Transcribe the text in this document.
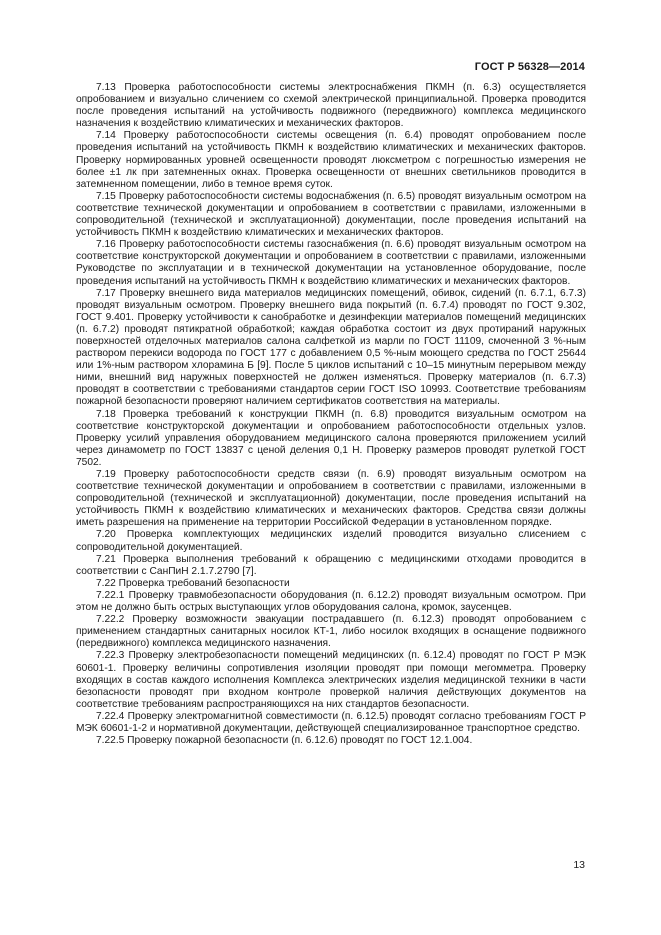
ГОСТ Р 56328—2014

7.13 Проверка работоспособности системы электроснабжения ПКМН (п. 6.3) осуществляется опробованием и визуально сличением со схемой электрической принципиальной. Проверка проводится после проведения испытаний на устойчивость подвижного (передвижного) комплекса медицинского назначения к воздействию климатических и механических факторов.

7.14 Проверку работоспособности системы освещения (п. 6.4) проводят опробованием после проведения испытаний на устойчивость ПКМН к воздействию климатических и механических факторов. Проверку нормированных уровней освещенности проводят люксметром с погрешностью измерения не более ±1 лк при затемненных окнах. Проверка освещенности от внешних светильников проводится в затемненном помещении, либо в темное время суток.

7.15 Проверку работоспособности системы водоснабжения (п. 6.5) проводят визуальным осмотром на соответствие технической документации и опробованием в соответствии с правилами, изложенными в сопроводительной (технической и эксплуатационной) документации, после проведения испытаний на устойчивость ПКМН к воздействию климатических и механических факторов.

7.16 Проверку работоспособности системы газоснабжения (п. 6.6) проводят визуальным осмотром на соответствие конструкторской документации и опробованием в соответствии с правилами, изложенными Руководстве по эксплуатации и в технической документации на установленное оборудование, после проведения испытаний на устойчивость ПКМН к воздействию климатических и механических факторов.

7.17 Проверку внешнего вида материалов медицинских помещений, обивок, сидений (п. 6.7.1, 6.7.3) проводят визуальным осмотром. Проверку внешнего вида покрытий (п. 6.7.4) проводят по ГОСТ 9.302, ГОСТ 9.401. Проверку устойчивости к санобработке и дезинфекции материалов помещений медицинских (п. 6.7.2) проводят пятикратной обработкой; каждая обработка состоит из двух протираний наружных поверхностей отделочных материалов салона салфеткой из марли по ГОСТ 11109, смоченной 3 %-ным раствором перекиси водорода по ГОСТ 177 с добавлением 0,5 %-ным моющего средства по ГОСТ 25644 или 1%-ным раствором хлорамина Б [9]. После 5 циклов испытаний с 10–15 минутным перерывом между ними, внешний вид наружных поверхностей не должен изменяться. Проверку материалов (п. 6.7.3) проводят в соответствии с требованиями стандартов серии ГОСТ ISO 10993. Соответствие требованиям пожарной безопасности проверяют наличием сертификатов соответствия на материалы.

7.18 Проверка требований к конструкции ПКМН (п. 6.8) проводится визуальным осмотром на соответствие конструкторской документации и опробованием работоспособности отдельных узлов. Проверку усилий управления оборудованием медицинского салона проверяются приложением усилий через динамометр по ГОСТ 13837 с ценой деления 0,1 Н. Проверку размеров проводят рулеткой ГОСТ 7502.

7.19 Проверку работоспособности средств связи (п. 6.9) проводят визуальным осмотром на соответствие технической документации и опробованием в соответствии с правилами, изложенными в сопроводительной (технической и эксплуатационной) документации, после проведения испытаний на устойчивость ПКМН к воздействию климатических и механических факторов. Средства связи должны иметь разрешения на применение на территории Российской Федерации в установленном порядке.

7.20 Проверка комплектующих медицинских изделий проводится визуально слисением с сопроводительной документацией.

7.21 Проверка выполнения требований к обращению с медицинскими отходами проводится в соответствии с СанПиН 2.1.7.2790 [7].

7.22 Проверка требований безопасности

7.22.1 Проверку травмобезопасности оборудования (п. 6.12.2) проводят визуальным осмотром. При этом не должно быть острых выступающих углов оборудования салона, кромок, заусенцев.

7.22.2 Проверку возможности эвакуации пострадавшего (п. 6.12.3) проводят опробованием с применением стандартных санитарных носилок КТ-1, либо носилок входящих в оснащение подвижного (передвижного) комплекса медицинского назначения.

7.22.3 Проверку электробезопасности помещений медицинских (п. 6.12.4) проводят по ГОСТ Р МЭК 60601-1. Проверку величины сопротивления изоляции проводят при помощи мегомметра. Проверку входящих в состав каждого исполнения Комплекса электрических изделия медицинской техники в части безопасности проводят при входном контроле проверкой наличия действующих документов на соответствие требованиям распространяющихся на них стандартов безопасности.

7.22.4 Проверку электромагнитной совместимости (п. 6.12.5) проводят согласно требованиям ГОСТ Р МЭК 60601-1-2 и нормативной документации, действующей специализированное транспортное средство.

7.22.5 Проверку пожарной безопасности (п. 6.12.6) проводят по ГОСТ 12.1.004.

13
